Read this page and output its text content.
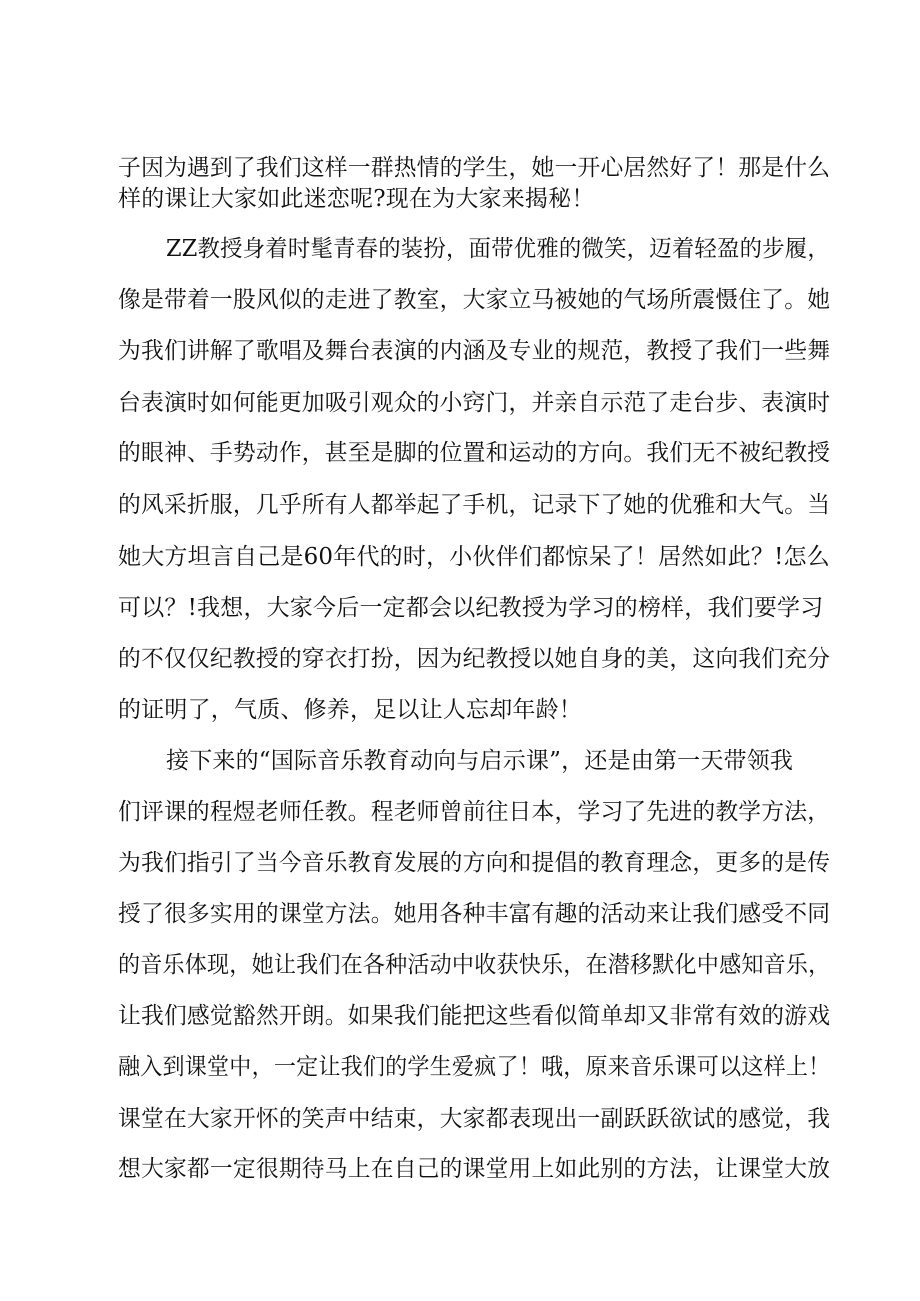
子因为遇到了我们这样一群热情的学生，她一开心居然好了！那是什么
样的课让大家如此迷恋呢?现在为大家来揭秘！
ZZ教授身着时髦青春的装扮，面带优雅的微笑，迈着轻盈的步履，
像是带着一股风似的走进了教室，大家立马被她的气场所震慑住了。她
为我们讲解了歌唱及舞台表演的内涵及专业的规范，教授了我们一些舞
台表演时如何能更加吸引观众的小窍门，并亲自示范了走台步、表演时
的眼神、手势动作，甚至是脚的位置和运动的方向。我们无不被纪教授
的风采折服，几乎所有人都举起了手机，记录下了她的优雅和大气。当
她大方坦言自己是60年代的时，小伙伴们都惊呆了！居然如此？!怎么
可以？!我想，大家今后一定都会以纪教授为学习的榜样，我们要学习
的不仅仅纪教授的穿衣打扮，因为纪教授以她自身的美，这向我们充分
的证明了，气质、修养，足以让人忘却年龄！
接下来的“国际音乐教育动向与启示课”，还是由第一天带领我
们评课的程煜老师任教。程老师曾前往日本，学习了先进的教学方法，
为我们指引了当今音乐教育发展的方向和提倡的教育理念，更多的是传
授了很多实用的课堂方法。她用各种丰富有趣的活动来让我们感受不同
的音乐体现，她让我们在各种活动中收获快乐，在潜移默化中感知音乐，
让我们感觉豁然开朗。如果我们能把这些看似简单却又非常有效的游戏
融入到课堂中，一定让我们的学生爱疯了！哦，原来音乐课可以这样上！
课堂在大家开怀的笑声中结束，大家都表现出一副跃跃欲试的感觉，我
想大家都一定很期待马上在自己的课堂用上如此别的方法，让课堂大放
